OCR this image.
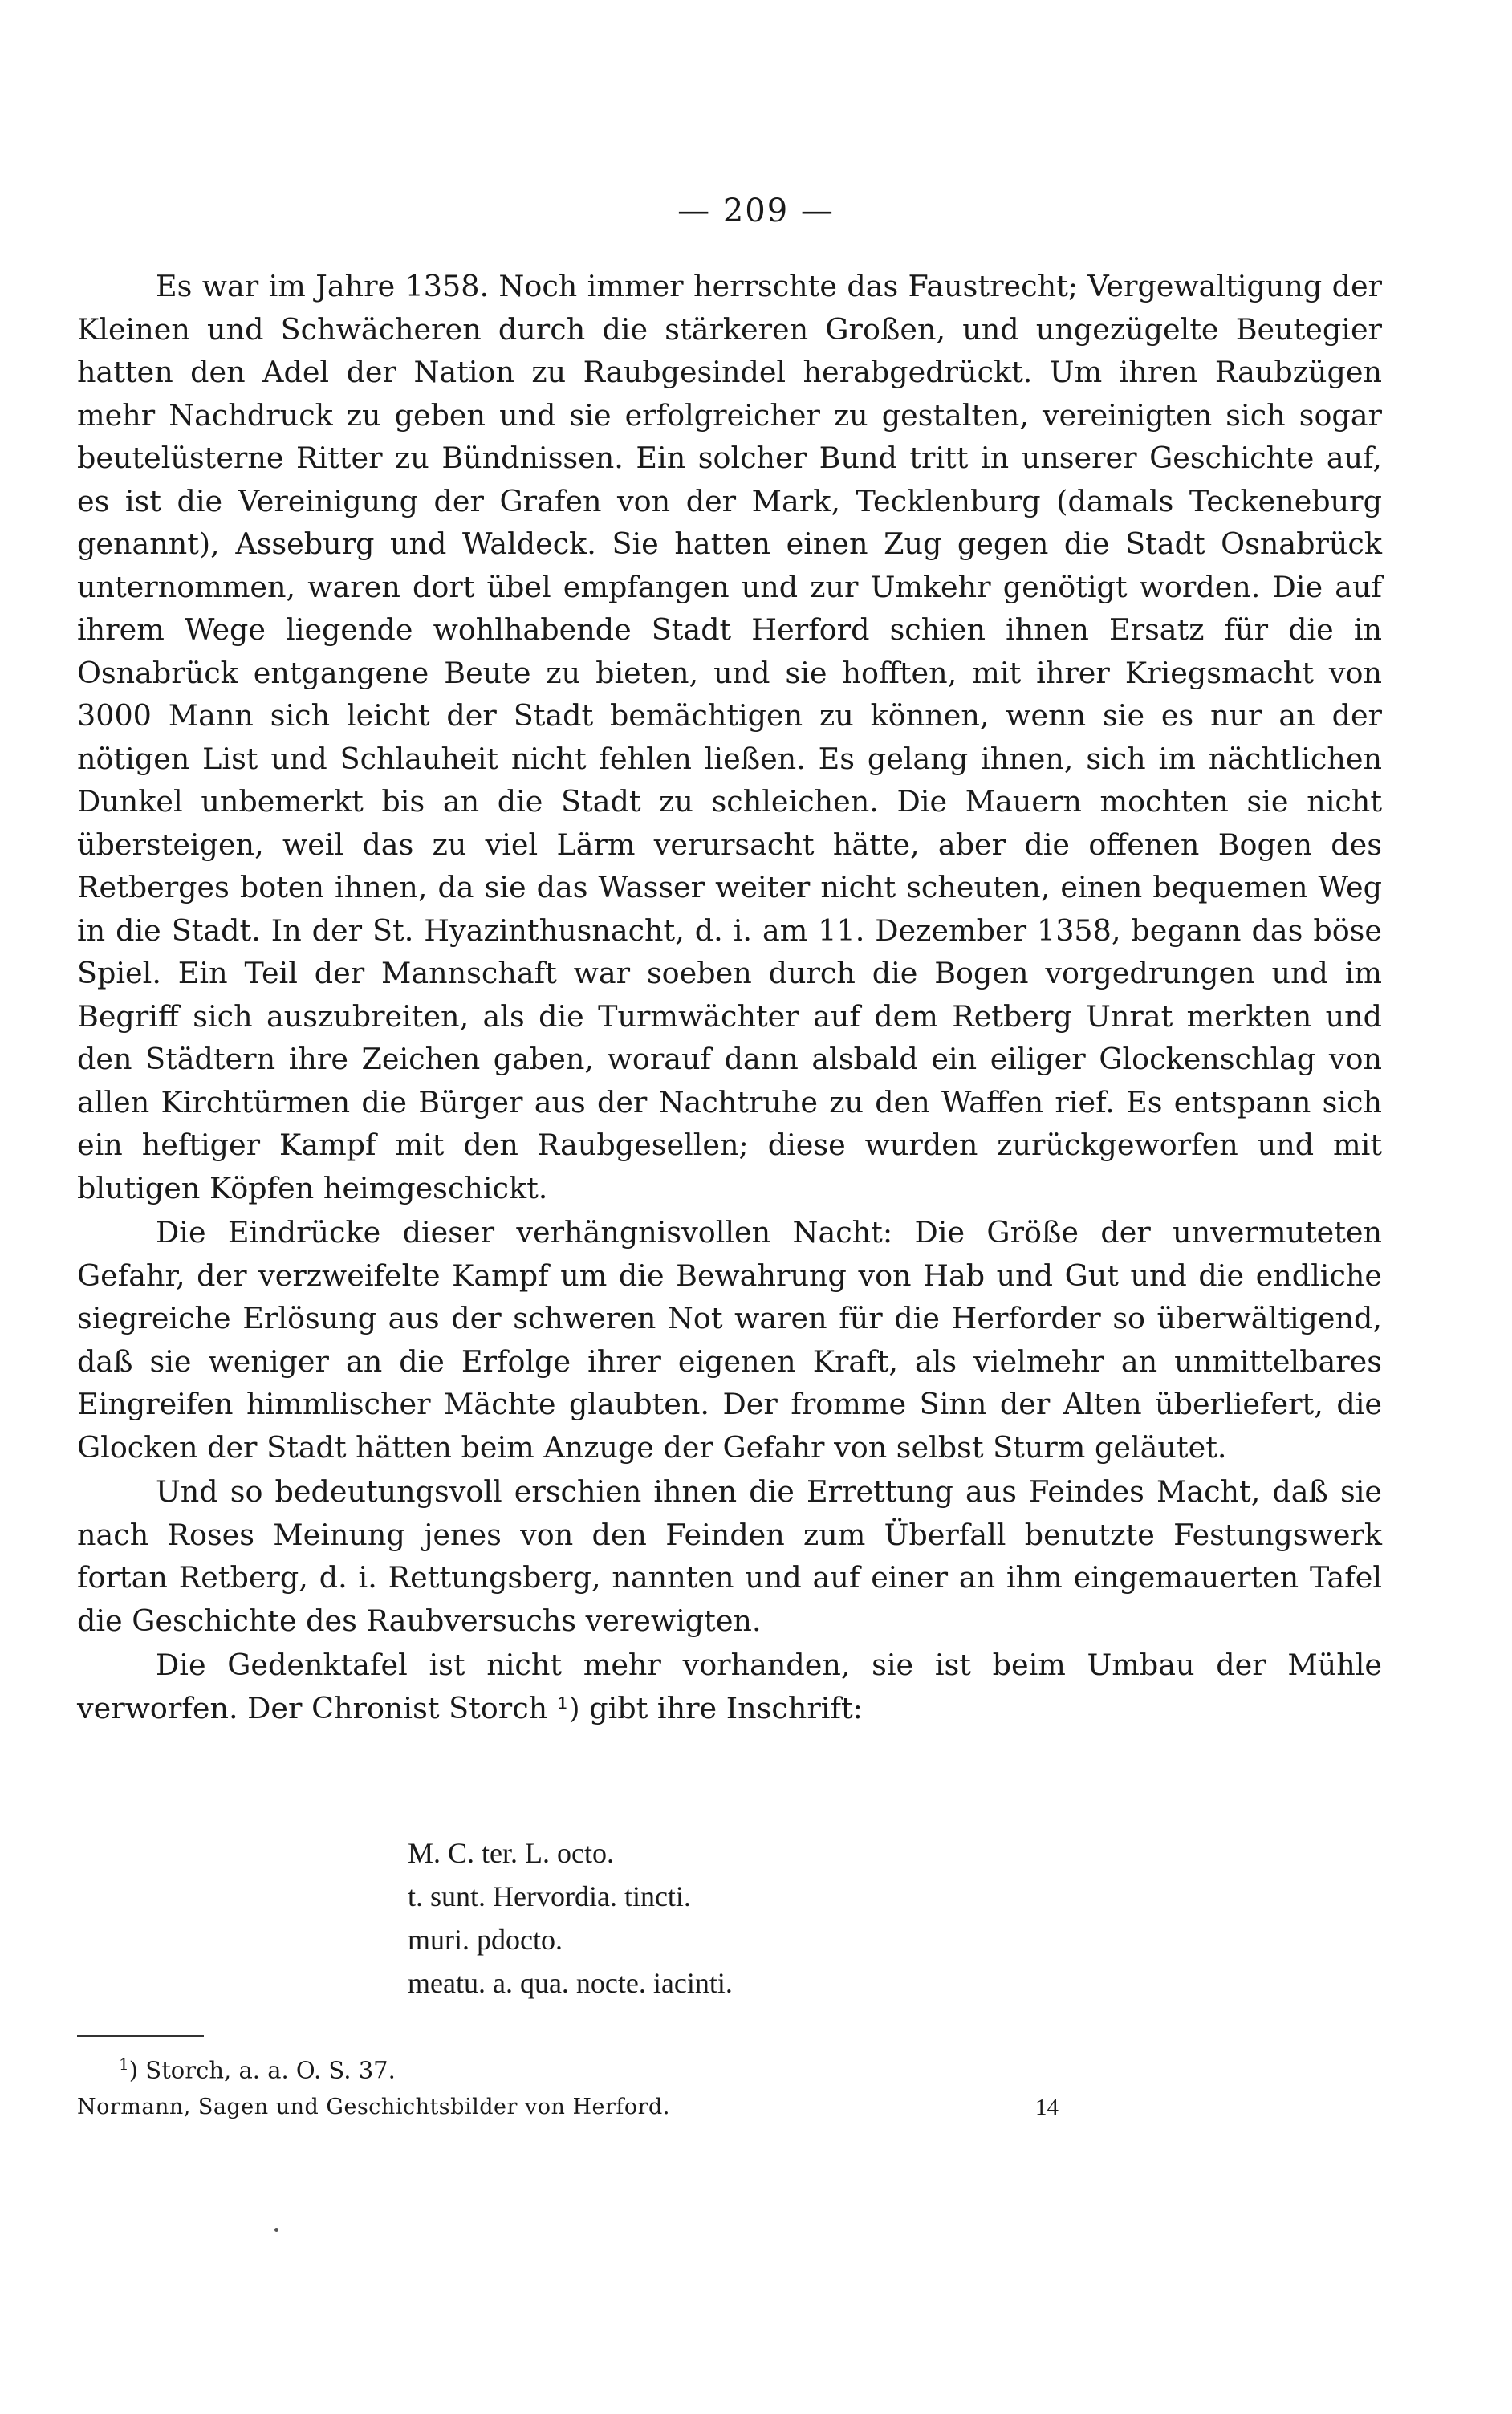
— 209 —

Es war im Jahre 1358. Noch immer herrschte das Faustrecht; Vergewaltigung der Kleinen und Schwächeren durch die stärkeren Großen, und ungezügelte Beutegier hatten den Adel der Nation zu Raubgesindel herabgedrückt. Um ihren Raubzügen mehr Nachdruck zu geben und sie erfolgreicher zu gestalten, vereinigten sich sogar beutelüsterne Ritter zu Bündnissen. Ein solcher Bund tritt in unserer Geschichte auf, es ist die Vereinigung der Grafen von der Mark, Tecklenburg (damals Teckeneburg genannt), Asseburg und Waldeck. Sie hatten einen Zug gegen die Stadt Osnabrück unternommen, waren dort übel empfangen und zur Umkehr genötigt worden. Die auf ihrem Wege liegende wohlhabende Stadt Herford schien ihnen Ersatz für die in Osnabrück entgangene Beute zu bieten, und sie hofften, mit ihrer Kriegsmacht von 3000 Mann sich leicht der Stadt bemächtigen zu können, wenn sie es nur an der nötigen List und Schlauheit nicht fehlen ließen. Es gelang ihnen, sich im nächtlichen Dunkel unbemerkt bis an die Stadt zu schleichen. Die Mauern mochten sie nicht übersteigen, weil das zu viel Lärm verursacht hätte, aber die offenen Bogen des Retberges boten ihnen, da sie das Wasser weiter nicht scheuten, einen bequemen Weg in die Stadt. In der St. Hyazinthusnacht, d. i. am 11. Dezember 1358, begann das böse Spiel. Ein Teil der Mannschaft war soeben durch die Bogen vorgedrungen und im Begriff sich auszubreiten, als die Turmwächter auf dem Retberg Unrat merkten und den Städtern ihre Zeichen gaben, worauf dann alsbald ein eiliger Glockenschlag von allen Kirchtürmen die Bürger aus der Nachtruhe zu den Waffen rief. Es entspann sich ein heftiger Kampf mit den Raubgesellen; diese wurden zurückgeworfen und mit blutigen Köpfen heimgeschickt.

Die Eindrücke dieser verhängnisvollen Nacht: Die Größe der unvermuteten Gefahr, der verzweifelte Kampf um die Bewahrung von Hab und Gut und die endliche siegreiche Erlösung aus der schweren Not waren für die Herforder so überwältigend, daß sie weniger an die Erfolge ihrer eigenen Kraft, als vielmehr an unmittelbares Eingreifen himmlischer Mächte glaubten. Der fromme Sinn der Alten überliefert, die Glocken der Stadt hätten beim Anzuge der Gefahr von selbst Sturm geläutet.

Und so bedeutungsvoll erschien ihnen die Errettung aus Feindes Macht, daß sie nach Roses Meinung jenes von den Feinden zum Überfall benutzte Festungswerk fortan Retberg, d. i. Rettungsberg, nannten und auf einer an ihm eingemauerten Tafel die Geschichte des Raubversuchs verewigten.

Die Gedenktafel ist nicht mehr vorhanden, sie ist beim Umbau der Mühle verworfen. Der Chronist Storch ¹) gibt ihre Inschrift:

M. C. ter. L. octo.
t. sunt. Hervordia. tincti.
muri. pdocto.
meatu. a. qua. nocte. iacinti.
$^1$) Storch, a. a. O. S. 37.
Normann, Sagen und Geschichtsbilder von Herford.	14
